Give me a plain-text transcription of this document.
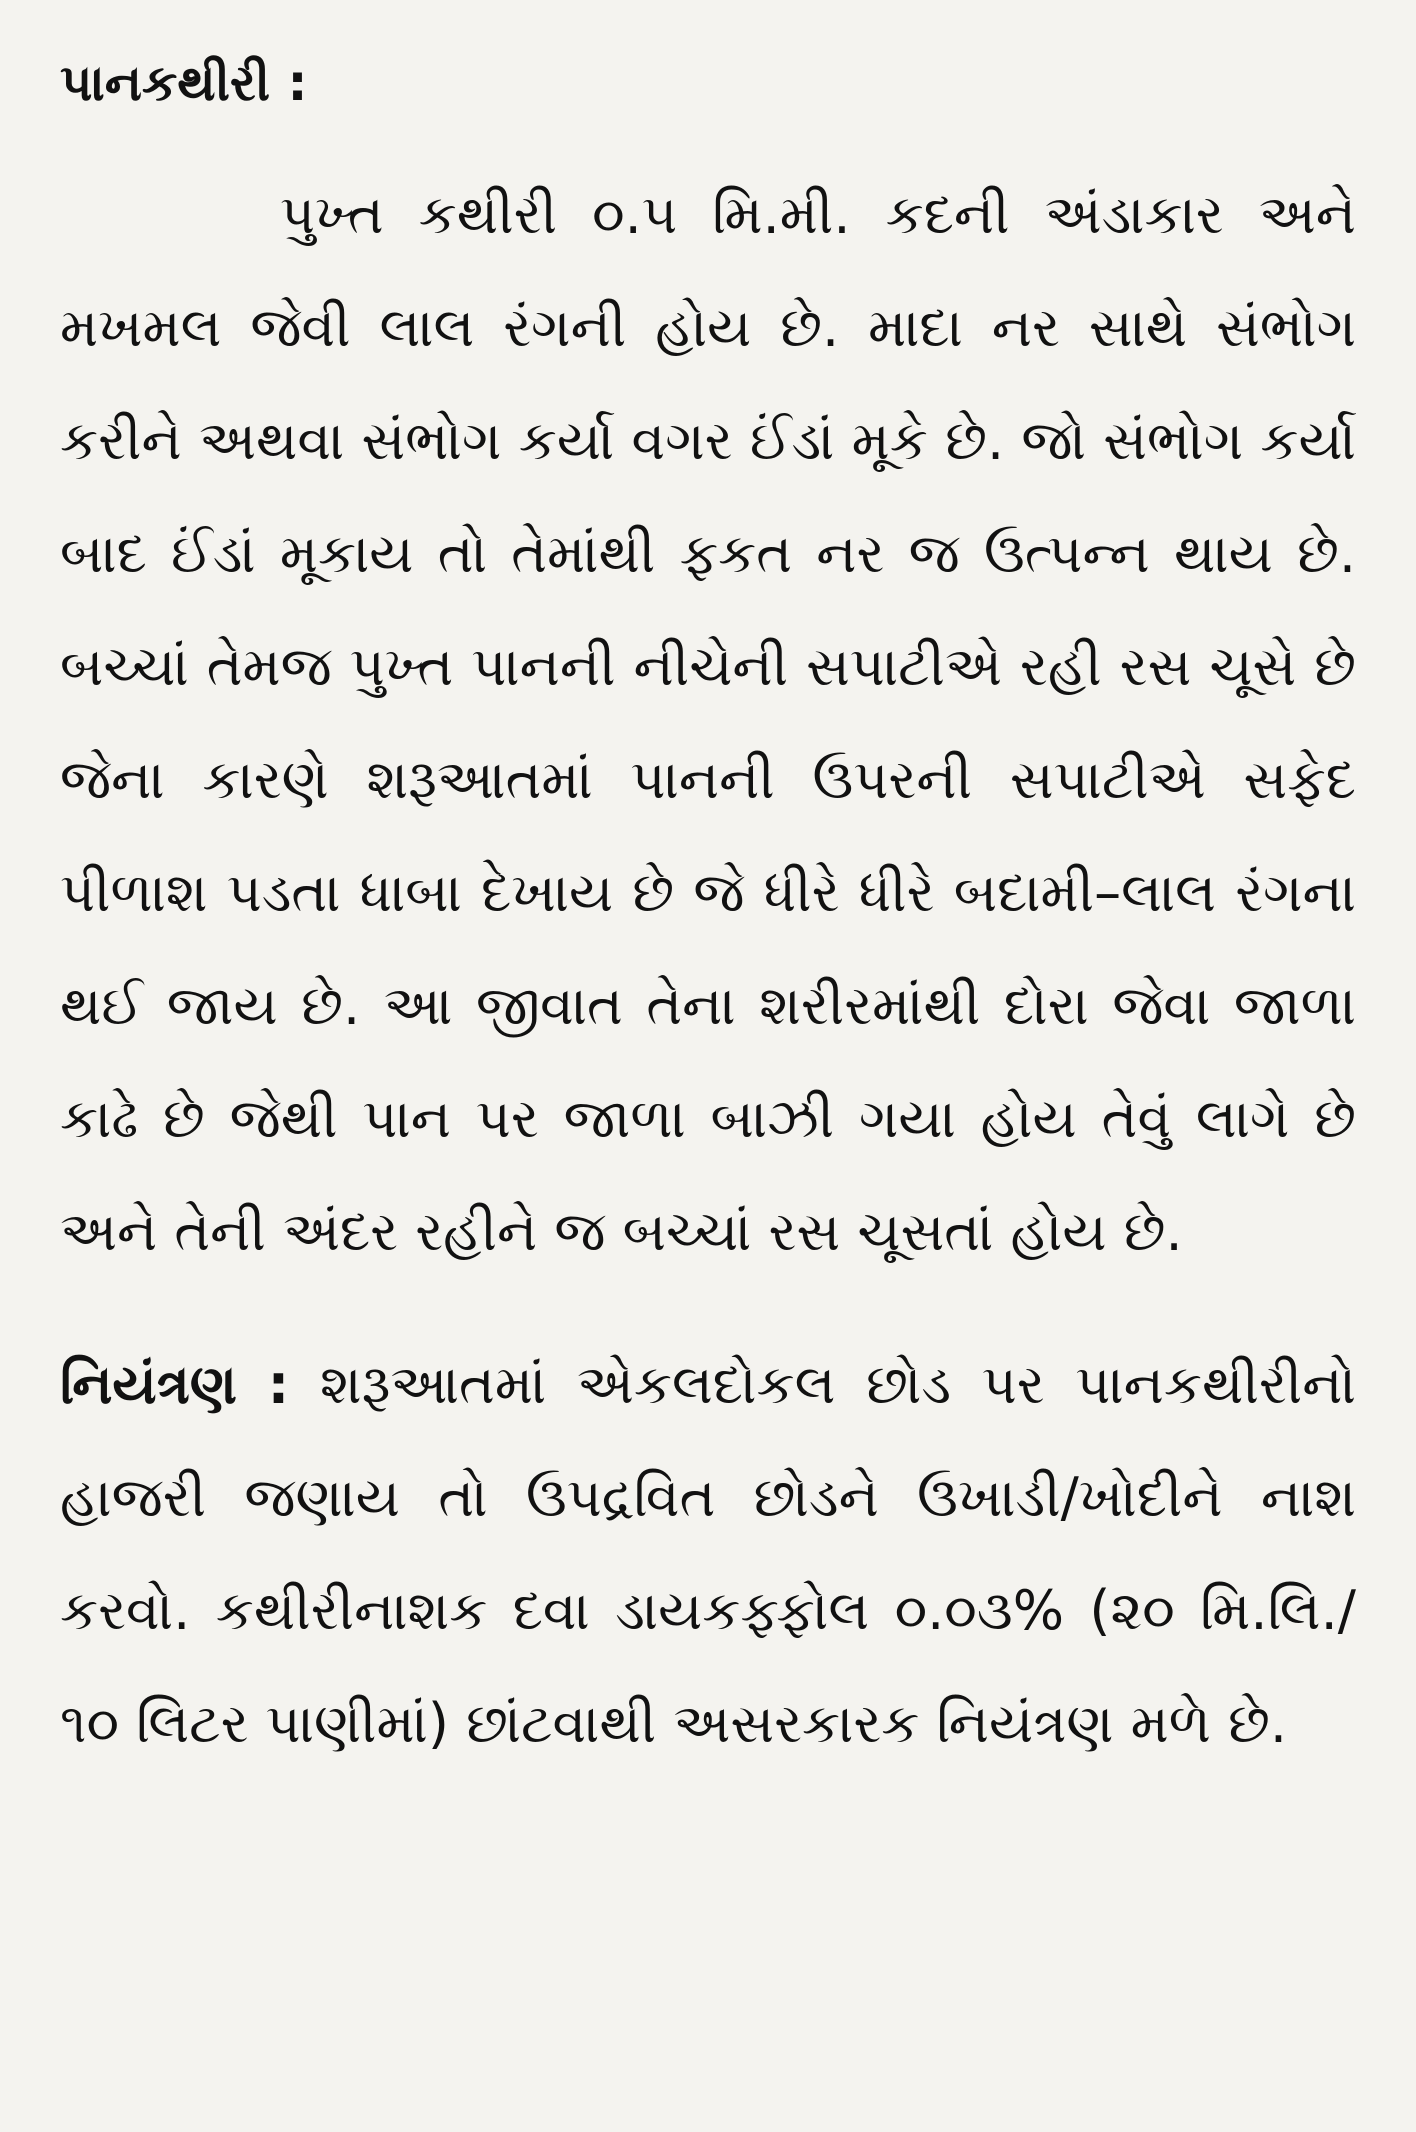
પાનકથીરી :

પુખ્ત કથીરી ૦.૫ મિ.મી. કદની અંડાકાર અને મખમલ જેવી લાલ રંગની હોય છે. માદા નર સાથે સંભોગ કરીને અથવા સંભોગ કર્યા વગર ઈંડાં મૂકે છે. જો સંભોગ કર્યા બાદ ઈંડાં મૂકાય તો તેમાંથી ફકત નર જ ઉત્પન્ન થાય છે. બચ્ચાં તેમજ પુખ્ત પાનની નીચેની સપાટીએ રહી રસ ચૂસે છે જેના કારણે શરૂઆતમાં પાનની ઉપરની સપાટીએ સફેદ પીળાશ પડતા ધાબા દેખાય છે જે ધીરે ધીરે બદામી–લાલ રંગના થઈ જાય છે. આ જીવાત તેના શરીરમાંથી દોરા જેવા જાળા કાઢે છે જેથી પાન પર જાળા બાઝી ગયા હોય તેવું લાગે છે અને તેની અંદર રહીને જ બચ્ચાં રસ ચૂસતાં હોય છે.

નિયંત્રણ : શરૂઆતમાં એકલદોકલ છોડ પર પાનકથીરીનો હાજરી જણાય તો ઉપદ્રવિત છોડને ઉખાડી/ખોદીને નાશ કરવો. કથીરીનાશક દવા ડાયકફ્ફોલ ૦.૦૩% (૨૦ મિ.લિ./ ૧૦ લિટર પાણીમાં) છાંટવાથી અસરકારક નિયંત્રણ મળે છે.
